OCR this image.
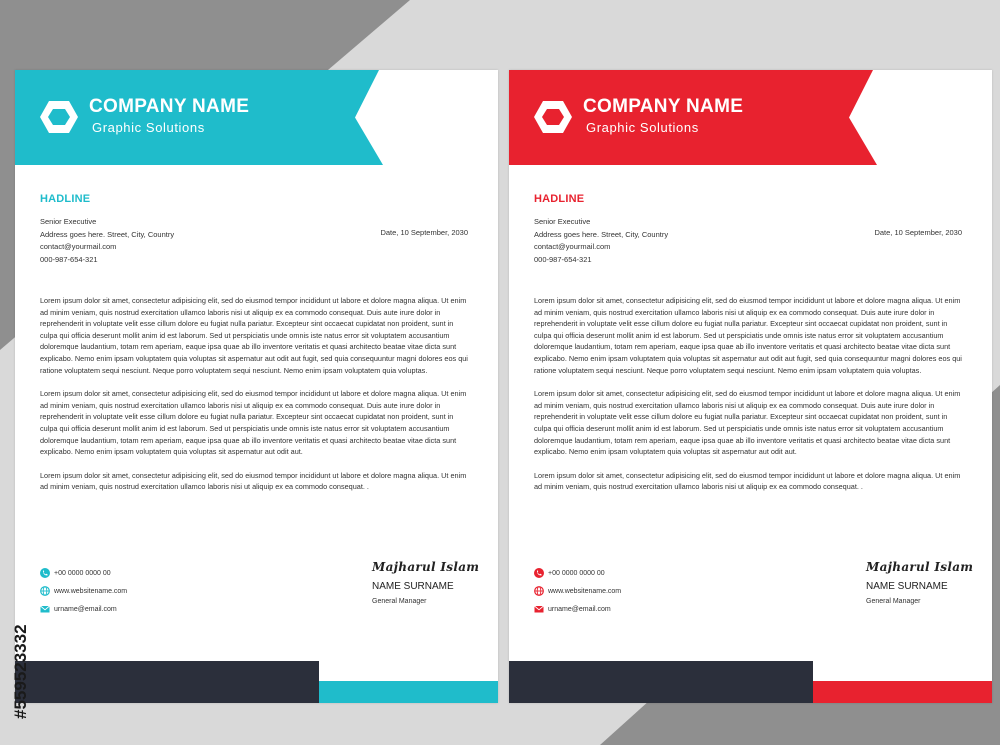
COMPANY NAME
Graphic Solutions
HADLINE
Senior Executive
Address goes here. Street, City, Country
contact@yourmail.com
000-987-654-321
Date, 10 September, 2030

Lorem ipsum dolor sit amet, consectetur adipisicing elit, sed do eiusmod tempor incididunt ut labore et dolore magna aliqua. Ut enim ad minim veniam, quis nostrud exercitation ullamco laboris nisi ut aliquip ex ea commodo consequat. Duis aute irure dolor in reprehenderit in voluptate velit esse cillum dolore eu fugiat nulla pariatur. Excepteur sint occaecat cupidatat non proident, sunt in culpa qui officia deserunt mollit anim id est laborum. Sed ut perspiciatis unde omnis iste natus error sit voluptatem accusantium doloremque laudantium, totam rem aperiam, eaque ipsa quae ab illo inventore veritatis et quasi architecto beatae vitae dicta sunt explicabo. Nemo enim ipsam voluptatem quia voluptas sit aspernatur aut odit aut fugit, sed quia consequuntur magni dolores eos qui ratione voluptatem sequi nesciunt. Neque porro voluptatem sequi nesciunt. Nemo enim ipsam voluptatem quia voluptas.

Lorem ipsum dolor sit amet, consectetur adipisicing elit, sed do eiusmod tempor incididunt ut labore et dolore magna aliqua. Ut enim ad minim veniam, quis nostrud exercitation ullamco laboris nisi ut aliquip ex ea commodo consequat. Duis aute irure dolor in reprehenderit in voluptate velit esse cillum dolore eu fugiat nulla pariatur. Excepteur sint occaecat cupidatat non proident, sunt in culpa qui officia deserunt mollit anim id est laborum. Sed ut perspiciatis unde omnis iste natus error sit voluptatem accusantium doloremque laudantium, totam rem aperiam, eaque ipsa quae ab illo inventore veritatis et quasi architecto beatae vitae dicta sunt explicabo. Nemo enim ipsam voluptatem quia voluptas sit aspernatur aut odit aut.

Lorem ipsum dolor sit amet, consectetur adipisicing elit, sed do eiusmod tempor incididunt ut labore et dolore magna aliqua. Ut enim ad minim veniam, quis nostrud exercitation ullamco laboris nisi ut aliquip ex ea commodo consequat. .

+00 0000 0000 00
www.websitename.com
urname@email.com
Majharul Islam
NAME SURNAME
General Manager
COMPANY NAME
Graphic Solutions
HADLINE
Senior Executive
Address goes here. Street, City, Country
contact@yourmail.com
000-987-654-321
Date, 10 September, 2030

Lorem ipsum dolor sit amet, consectetur adipisicing elit, sed do eiusmod tempor incididunt ut labore et dolore magna aliqua. Ut enim ad minim veniam, quis nostrud exercitation ullamco laboris nisi ut aliquip ex ea commodo consequat. Duis aute irure dolor in reprehenderit in voluptate velit esse cillum dolore eu fugiat nulla pariatur. Excepteur sint occaecat cupidatat non proident, sunt in culpa qui officia deserunt mollit anim id est laborum. Sed ut perspiciatis unde omnis iste natus error sit voluptatem accusantium doloremque laudantium, totam rem aperiam, eaque ipsa quae ab illo inventore veritatis et quasi architecto beatae vitae dicta sunt explicabo. Nemo enim ipsam voluptatem quia voluptas sit aspernatur aut odit aut fugit, sed quia consequuntur magni dolores eos qui ratione voluptatem sequi nesciunt. Neque porro voluptatem sequi nesciunt. Nemo enim ipsam voluptatem quia voluptas.

Lorem ipsum dolor sit amet, consectetur adipisicing elit, sed do eiusmod tempor incididunt ut labore et dolore magna aliqua. Ut enim ad minim veniam, quis nostrud exercitation ullamco laboris nisi ut aliquip ex ea commodo consequat. Duis aute irure dolor in reprehenderit in voluptate velit esse cillum dolore eu fugiat nulla pariatur. Excepteur sint occaecat cupidatat non proident, sunt in culpa qui officia deserunt mollit anim id est laborum. Sed ut perspiciatis unde omnis iste natus error sit voluptatem accusantium doloremque laudantium, totam rem aperiam, eaque ipsa quae ab illo inventore veritatis et quasi architecto beatae vitae dicta sunt explicabo. Nemo enim ipsam voluptatem quia voluptas sit aspernatur aut odit aut.

Lorem ipsum dolor sit amet, consectetur adipisicing elit, sed do eiusmod tempor incididunt ut labore et dolore magna aliqua. Ut enim ad minim veniam, quis nostrud exercitation ullamco laboris nisi ut aliquip ex ea commodo consequat. .

+00 0000 0000 00
www.websitename.com
urname@email.com
Majharul Islam
NAME SURNAME
General Manager
#559523332
